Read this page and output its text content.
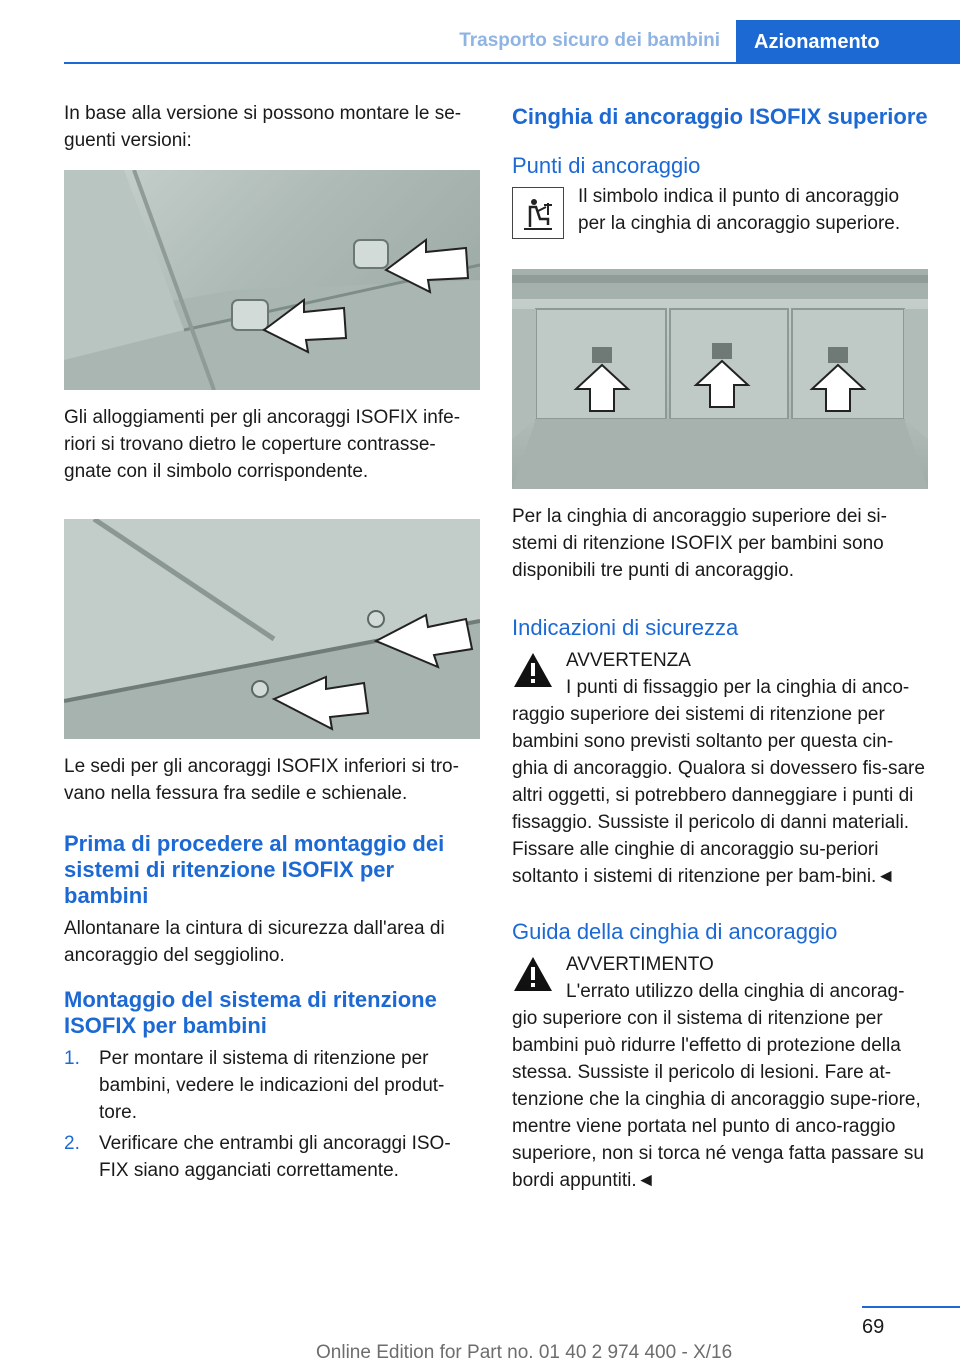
Trasporto sicuro dei bambini	Azionamento

In base alla versione si possono montare le se-guenti versioni:

Gli alloggiamenti per gli ancoraggi ISOFIX infe-riori si trovano dietro le coperture contrasse-gnate con il simbolo corrispondente.

Le sedi per gli ancoraggi ISOFIX inferiori si tro-vano nella fessura fra sedile e schienale.

Prima di procedere al montaggio dei sistemi di ritenzione ISOFIX per bambini

Allontanare la cintura di sicurezza dall'area di ancoraggio del seggiolino.

Montaggio del sistema di ritenzione ISOFIX per bambini
1. Per montare il sistema di ritenzione per bambini, vedere le indicazioni del produt-tore.
2. Verificare che entrambi gli ancoraggi ISO-FIX siano agganciati correttamente.
Cinghia di ancoraggio ISOFIX superiore
Punti di ancoraggio

Il simbolo indica il punto di ancoraggio per la cinghia di ancoraggio superiore.

Per la cinghia di ancoraggio superiore dei si-stemi di ritenzione ISOFIX per bambini sono disponibili tre punti di ancoraggio.

Indicazioni di sicurezza

AVVERTENZA

I punti di fissaggio per la cinghia di anco-raggio superiore dei sistemi di ritenzione per bambini sono previsti soltanto per questa cin-ghia di ancoraggio. Qualora si dovessero fis-sare altri oggetti, si potrebbero danneggiare i punti di fissaggio. Sussiste il pericolo di danni materiali. Fissare alle cinghie di ancoraggio su-periori soltanto i sistemi di ritenzione per bam-bini.◄
Guida della cinghia di ancoraggio

AVVERTIMENTO

L'errato utilizzo della cinghia di ancorag-gio superiore con il sistema di ritenzione per bambini può ridurre l'effetto di protezione della stessa. Sussiste il pericolo di lesioni. Fare at-tenzione che la cinghia di ancoraggio supe-riore, mentre viene portata nel punto di anco-raggio superiore, non si torca né venga fatta passare su bordi appuntiti.◄
69
Online Edition for Part no. 01 40 2 974 400 - X/16
